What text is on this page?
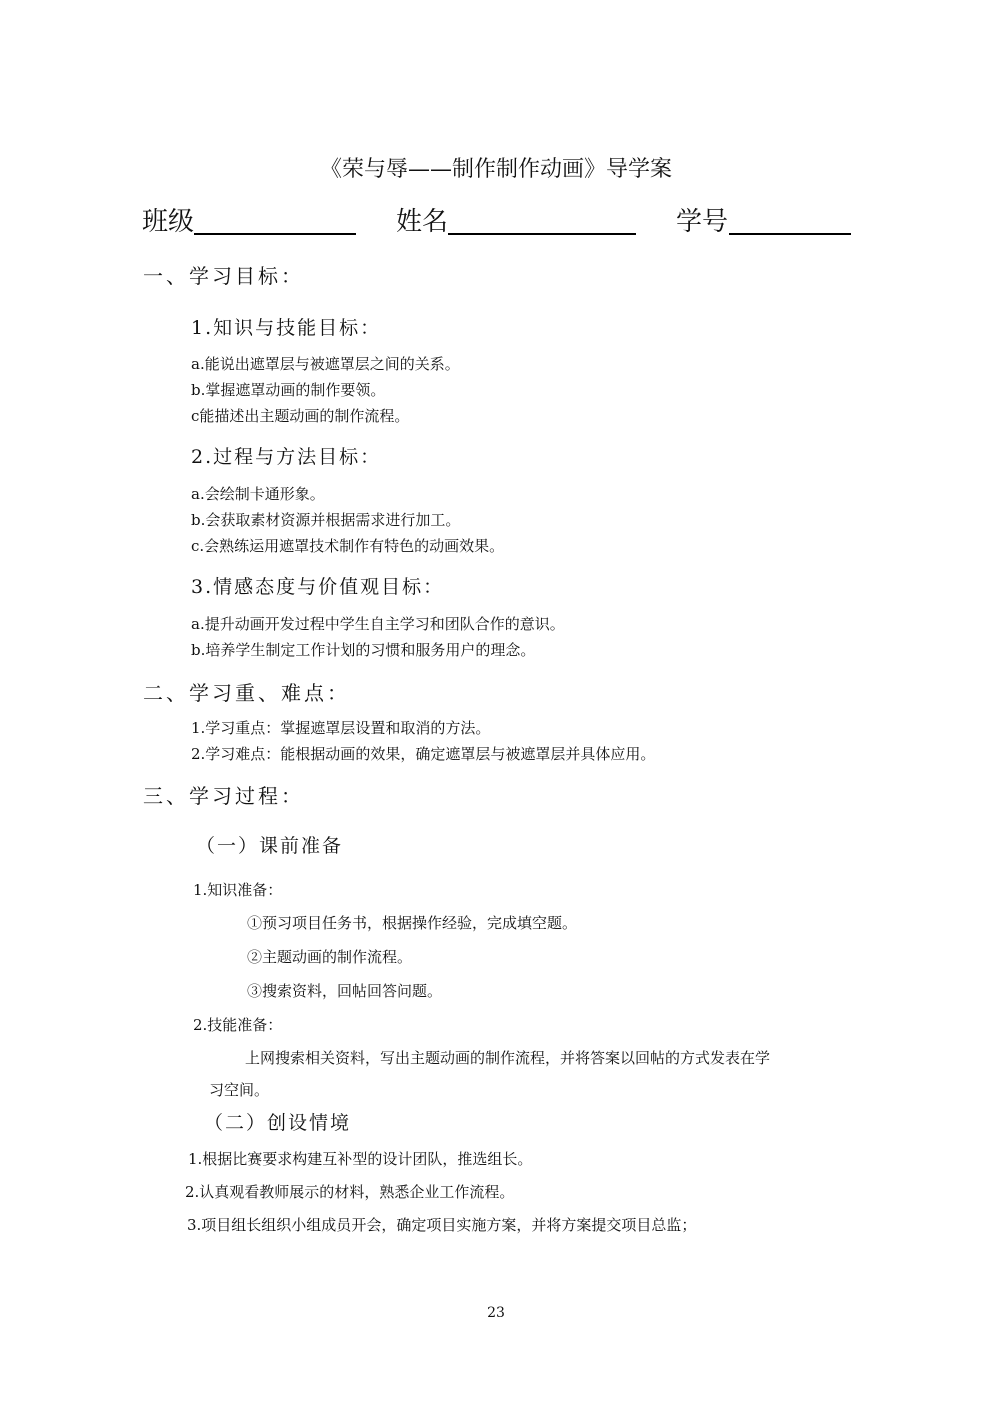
《荣与辱——制作制作动画》导学案
班级	姓名	学号
一、学习目标：
1.知识与技能目标：
a.能说出遮罩层与被遮罩层之间的关系。
b.掌握遮罩动画的制作要领。
c能描述出主题动画的制作流程。
2.过程与方法目标：
a.会绘制卡通形象。
b.会获取素材资源并根据需求进行加工。
c.会熟练运用遮罩技术制作有特色的动画效果。
3.情感态度与价值观目标：
a.提升动画开发过程中学生自主学习和团队合作的意识。
b.培养学生制定工作计划的习惯和服务用户的理念。
二、学习重、难点：
1.学习重点：掌握遮罩层设置和取消的方法。
2.学习难点：能根据动画的效果，确定遮罩层与被遮罩层并具体应用。
三、学习过程：
（一）课前准备
1.知识准备：
①预习项目任务书，根据操作经验，完成填空题。
②主题动画的制作流程。
③搜索资料，回帖回答问题。
2.技能准备：
上网搜索相关资料，写出主题动画的制作流程，并将答案以回帖的方式发表在学
习空间。
（二）创设情境
1.根据比赛要求构建互补型的设计团队，推选组长。
2.认真观看教师展示的材料，熟悉企业工作流程。
3.项目组长组织小组成员开会，确定项目实施方案，并将方案提交项目总监；
23
